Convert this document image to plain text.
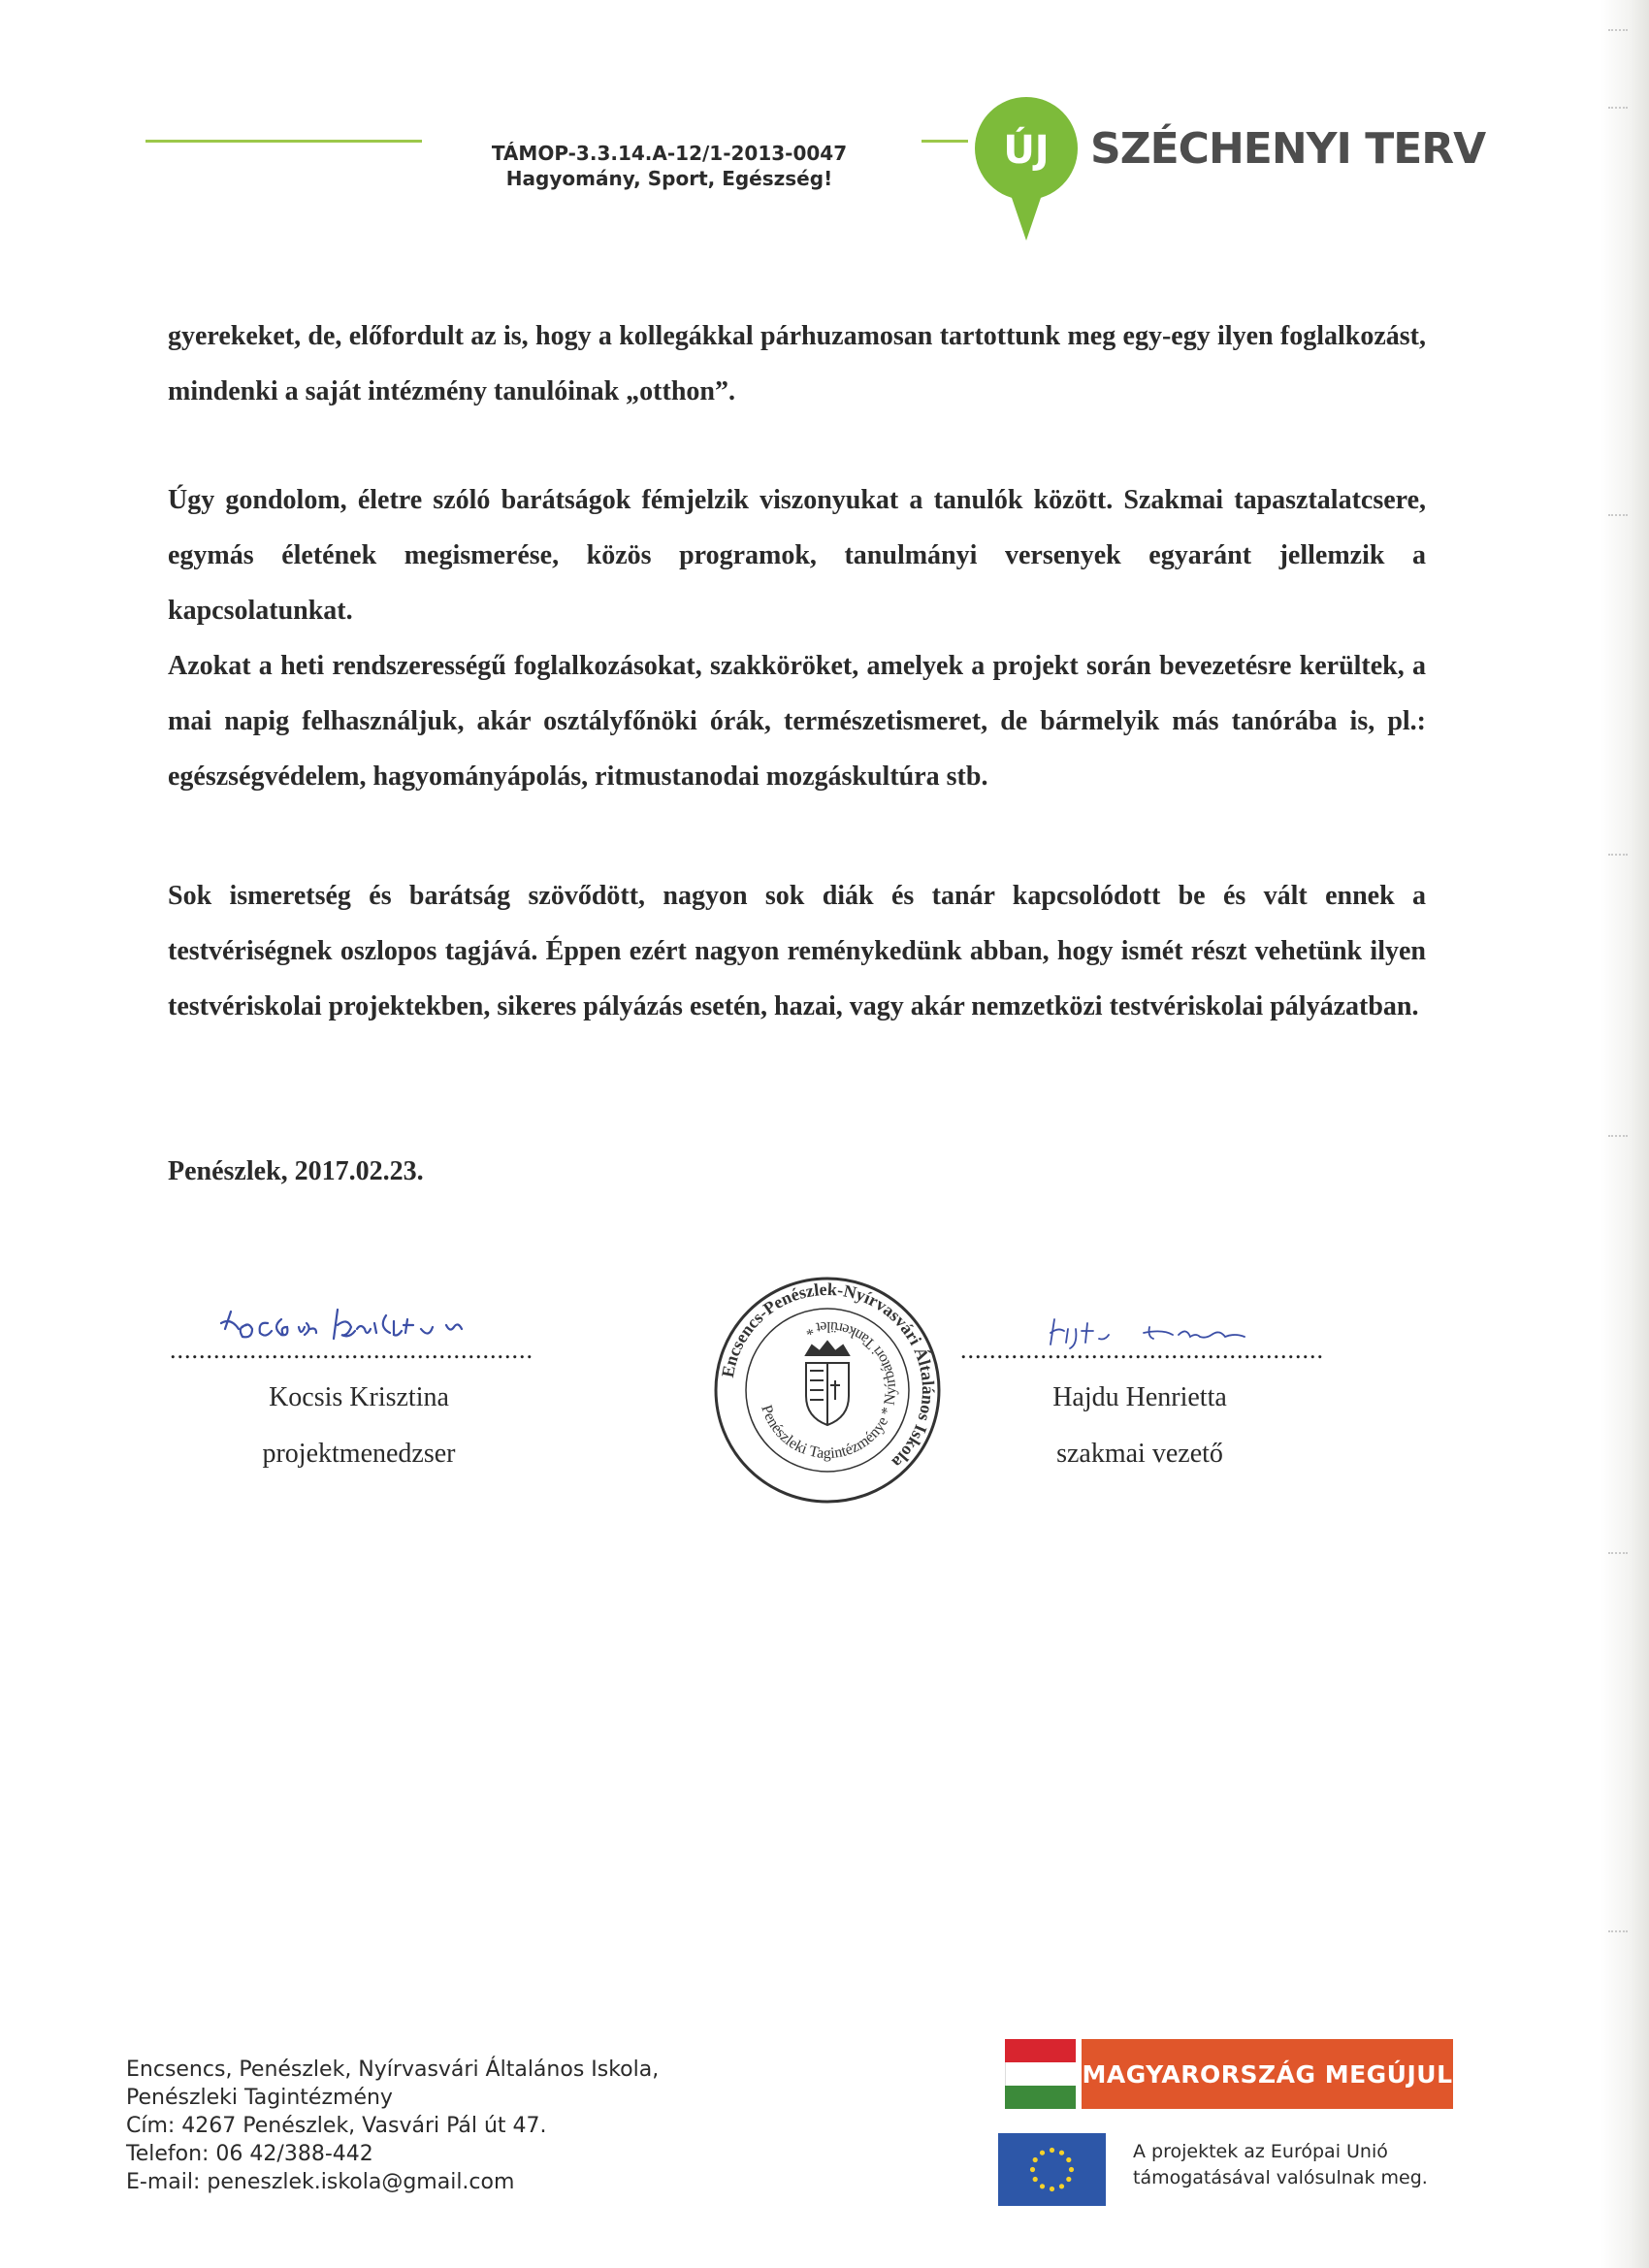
TÁMOP-3.3.14.A-12/1-2013-0047
Hagyomány, Sport, Egészség!
ÚJ SZÉCHENYI TERV

gyerekeket, de, előfordult az is, hogy a kollegákkal párhuzamosan tartottunk meg egy-egy ilyen foglalkozást, mindenki a saját intézmény tanulóinak „otthon”.

Úgy gondolom, életre szóló barátságok fémjelzik viszonyukat a tanulók között. Szakmai tapasztalatcsere, egymás életének megismerése, közös programok, tanulmányi versenyek egyaránt jellemzik a kapcsolatunkat.

Azokat a heti rendszerességű foglalkozásokat, szakköröket, amelyek a projekt során bevezetésre kerültek, a mai napig felhasználjuk, akár osztályfőnöki órák, természetismeret, de bármelyik más tanórába is, pl.: egészségvédelem, hagyományápolás, ritmustanodai mozgáskultúra stb.

Sok ismeretség és barátság szövődött, nagyon sok diák és tanár kapcsolódott be és vált ennek a testvériségnek oszlopos tagjává. Éppen ezért nagyon reménykedünk abban, hogy ismét részt vehetünk ilyen testvériskolai projektekben, sikeres pályázás esetén, hazai, vagy akár nemzetközi testvériskolai pályázatban.

Penészlek, 2017.02.23.
..................................................
Kocsis Krisztina
projektmenedzser
Encsencs-Penészlek-Nyírvasvári Általános Iskola
Penészleki Tagintézménye * Nyírbátori Tankerület *
..................................................
Hajdu Henrietta
szakmai vezető
Encsencs, Penészlek, Nyírvasvári Általános Iskola,
Penészleki Tagintézmény
Cím: 4267 Penészlek, Vasvári Pál út 47.
Telefon: 06 42/388-442
E-mail: peneszlek.iskola@gmail.com
MAGYARORSZÁG MEGÚJUL
A projektek az Európai Unió
támogatásával valósulnak meg.
